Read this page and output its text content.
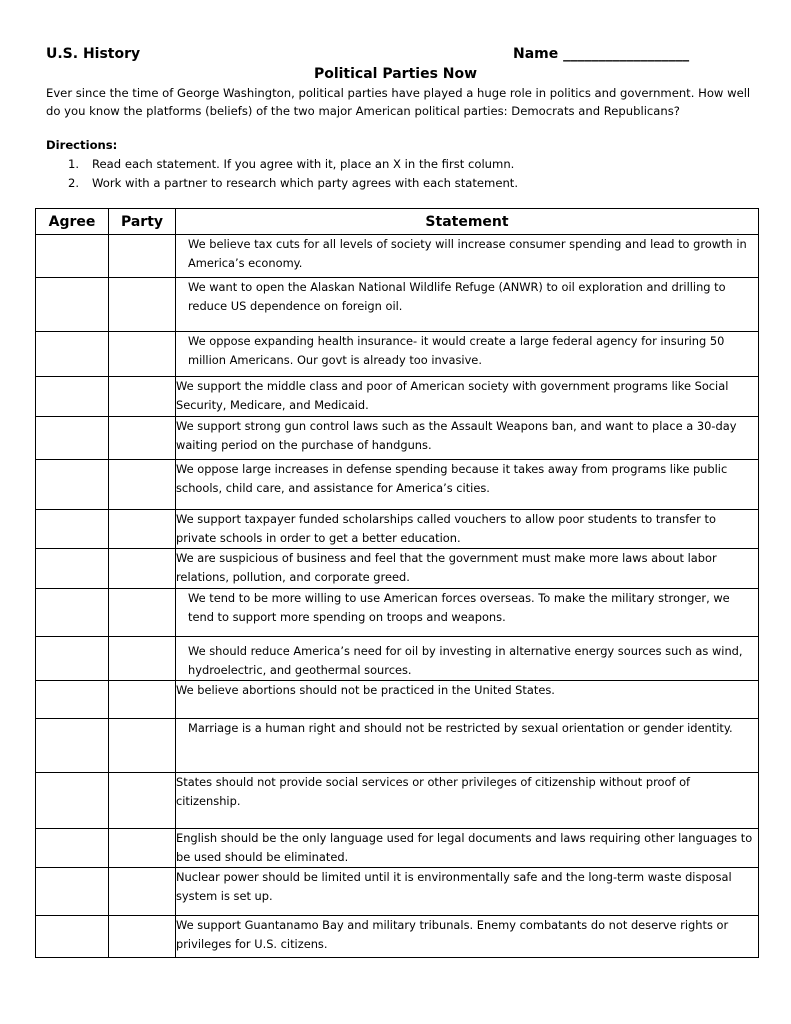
U.S. History	Name __________________
Political Parties Now
Ever since the time of George Washington, political parties have played a huge role in politics and government. How well do you know the platforms (beliefs) of the two major American political parties: Democrats and Republicans?
Directions:
1. Read each statement. If you agree with it, place an X in the first column.
2. Work with a partner to research which party agrees with each statement.
Agree	Party	Statement
		We believe tax cuts for all levels of society will increase consumer spending and lead to growth in America’s economy.
		We want to open the Alaskan National Wildlife Refuge (ANWR) to oil exploration and drilling to reduce US dependence on foreign oil.
		We oppose expanding health insurance- it would create a large federal agency for insuring 50 million Americans. Our govt is already too invasive.
		We support the middle class and poor of American society with government programs like Social Security, Medicare, and Medicaid.
		We support strong gun control laws such as the Assault Weapons ban, and want to place a 30-day waiting period on the purchase of handguns.
		We oppose large increases in defense spending because it takes away from programs like public schools, child care, and assistance for America’s cities.
		We support taxpayer funded scholarships called vouchers to allow poor students to transfer to private schools in order to get a better education.
		We are suspicious of business and feel that the government must make more laws about labor relations, pollution, and corporate greed.
		We tend to be more willing to use American forces overseas. To make the military stronger, we tend to support more spending on troops and weapons.
		We should reduce America’s need for oil by investing in alternative energy sources such as wind, hydroelectric, and geothermal sources.
		We believe abortions should not be practiced in the United States.
		Marriage is a human right and should not be restricted by sexual orientation or gender identity.
		States should not provide social services or other privileges of citizenship without proof of citizenship.
		English should be the only language used for legal documents and laws requiring other languages to be used should be eliminated.
		Nuclear power should be limited until it is environmentally safe and the long-term waste disposal system is set up.
		We support Guantanamo Bay and military tribunals. Enemy combatants do not deserve rights or privileges for U.S. citizens.
